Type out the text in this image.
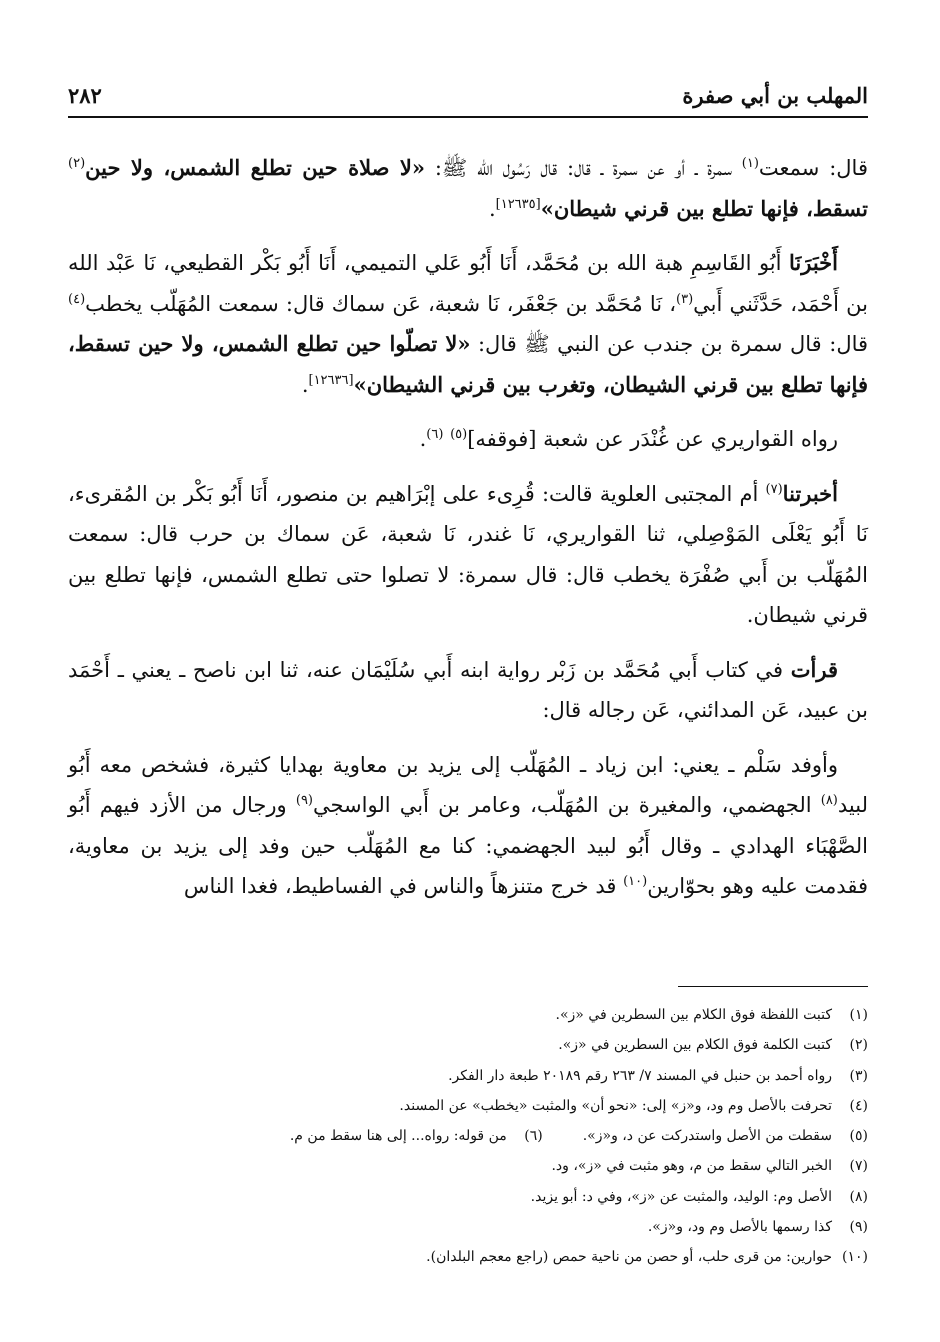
المهلب بن أبي صفرة
٢٨٢

قال: سمعت$^{(١)}$ سمرة ـ أو عن سمرة ـ قال: قال رَسُول الله ﷺ: «لا صلاة حين تطلع الشمس، ولا حين$^{(٢)}$ تسقط، فإنها تطلع بين قرني شيطان»[١٢٦٣٥].

أَخْبَرَنَا أَبُو القَاسِمِ هبة الله بن مُحَمَّد، أَنَا أَبُو عَلي التميمي، أَنَا أَبُو بَكْر القطيعي، نَا عَبْد الله بن أَحْمَد، حَدَّثَني أَبي$^{(٣)}$، نَا مُحَمَّد بن جَعْفَر، نَا شعبة، عَن سماك قال: سمعت المُهَلّب يخطب$^{(٤)}$ قال: قال سمرة بن جندب عن النبي ﷺ قال: «لا تصلّوا حين تطلع الشمس، ولا حين تسقط، فإنها تطلع بين قرني الشيطان، وتغرب بين قرني الشيطان»[١٢٦٣٦].

رواه القواريري عن غُنْدَر عن شعبة [فوقفه]$^{(٥)}$ $^{(٦)}$.

أخبرتنا$^{(٧)}$ أم المجتبى العلوية قالت: قُرِىء على إبْرَاهيم بن منصور، أَنَا أَبُو بَكْر بن المُقرىء، نَا أَبُو يَعْلَى المَوْصِلي، ثنا القواريري، نَا غندر، نَا شعبة، عَن سماك بن حرب قال: سمعت المُهَلّب بن أَبي صُفْرَة يخطب قال: قال سمرة: لا تصلوا حتى تطلع الشمس، فإنها تطلع بين قرني شيطان.

قرأت في كتاب أَبي مُحَمَّد بن زَبْر رواية ابنه أَبي سُلَيْمَان عنه، ثنا ابن ناصح ـ يعني ـ أَحْمَد بن عبيد، عَن المدائني، عَن رجاله قال:

وأوفد سَلْم ـ يعني: ابن زياد ـ المُهَلّب إلى يزيد بن معاوية بهدايا كثيرة، فشخص معه أَبُو لبيد$^{(٨)}$ الجهضمي، والمغيرة بن المُهَلّب، وعامر بن أَبي الواسجي$^{(٩)}$ ورجال من الأزد فيهم أَبُو الصَّهْبَاء الهدادي ـ وقال أَبُو لبيد الجهضمي: كنا مع المُهَلّب حين وفد إلى يزيد بن معاوية، فقدمت عليه وهو بحوّارين$^{(١٠)}$ قد خرج متنزهاً والناس في الفساطيط، فغدا الناس

(١)
كتبت اللفظة فوق الكلام بين السطرين في «ز».
(٢)
كتبت الكلمة فوق الكلام بين السطرين في «ز».
(٣)
رواه أحمد بن حنبل في المسند ٧/ ٢٦٣ رقم ٢٠١٨٩ طبعة دار الفكر.
(٤)
تحرفت بالأصل وم ود، و«ز» إلى: «نحو أن» والمثبت «يخطب» عن المسند.
(٥)
سقطت من الأصل واستدركت عن د، و«ز».
(٦)
من قوله: رواه... إلى هنا سقط من م.
(٧)
الخبر التالي سقط من م، وهو مثبت في «ز»، ود.
(٨)
الأصل وم: الوليد، والمثبت عن «ز»، وفي د: أبو يزيد.
(٩)
كذا رسمها بالأصل وم ود، و«ز».
(١٠)
حوارين: من قرى حلب، أو حصن من ناحية حمص (راجع معجم البلدان).
